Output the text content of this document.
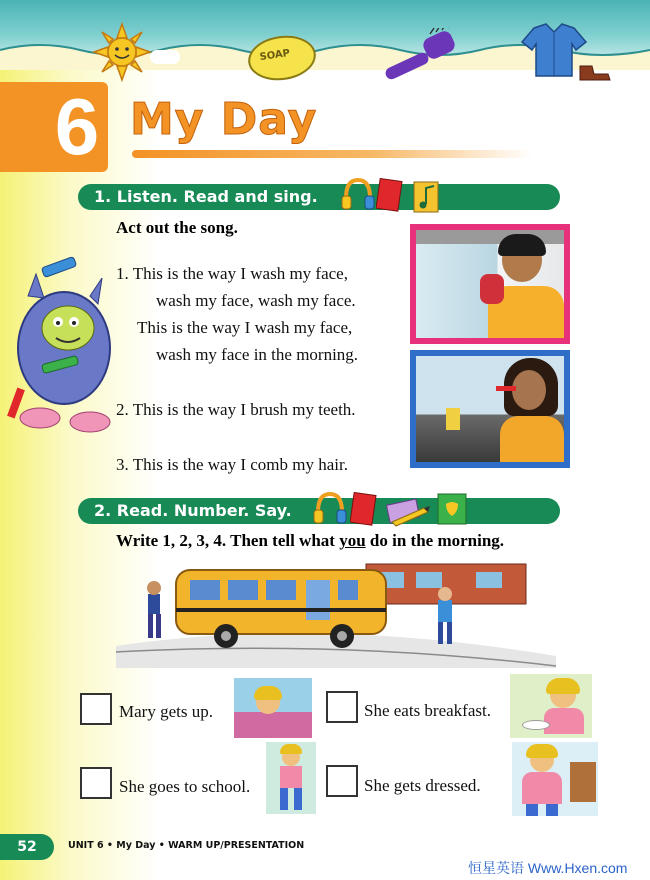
SOAP
6 My Day
1. Listen. Read and sing.
Act out the song.
1. This is the way I wash my face,
wash my face, wash my face.
This is the way I wash my face,
wash my face in the morning.
2. This is the way I brush my teeth.
3. This is the way I comb my hair.
2. Read. Number. Say.
Write 1, 2, 3, 4. Then tell what you do in the morning.
Mary gets up.	She eats breakfast.
She goes to school.	She gets dressed.
52	UNIT 6 • My Day • WARM UP/PRESENTATION
恒星英语 Www.Hxen.com
